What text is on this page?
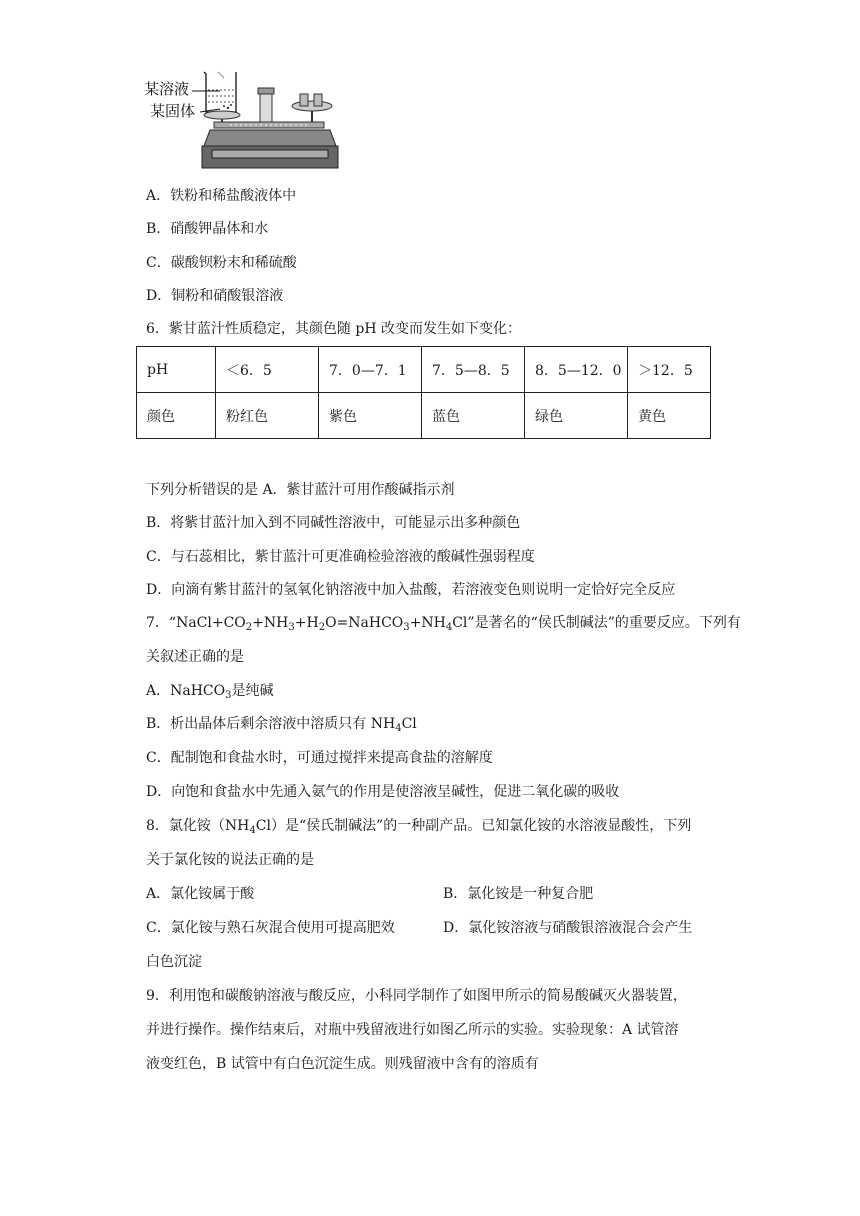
某溶液
某固体
A．铁粉和稀盐酸液体中
B．硝酸钾晶体和水
C．碳酸钡粉末和稀硫酸
D．铜粉和硝酸银溶液
6．紫甘蓝汁性质稳定，其颜色随 pH 改变而发生如下变化：
pH	＜6．5	7．0—7．1	7．5—8．5	8．5—12．0	＞12．5
颜色	粉红色	紫色	蓝色	绿色	黄色
下列分析错误的是 A．紫甘蓝汁可用作酸碱指示剂
B．将紫甘蓝汁加入到不同碱性溶液中，可能显示出多种颜色
C．与石蕊相比，紫甘蓝汁可更准确检验溶液的酸碱性强弱程度
D．向滴有紫甘蓝汁的氢氧化钠溶液中加入盐酸，若溶液变色则说明一定恰好完全反应
7．“$NaCl+CO_2+NH_3+H_2O=NaHCO_3+NH_4Cl$”是著名的“侯氏制碱法”的重要反应。下列有
关叙述正确的是
A．NaHCO$_3$是纯碱
B．析出晶体后剩余溶液中溶质只有 $NH_4Cl$
C．配制饱和食盐水时，可通过搅拌来提高食盐的溶解度
D．向饱和食盐水中先通入氨气的作用是使溶液呈碱性，促进二氧化碳的吸收
8．氯化铵$(NH_4Cl)$是“侯氏制碱法”的一种副产品。已知氯化铵的水溶液显酸性，下列
关于氯化铵的说法正确的是
A．氯化铵属于酸	B．氯化铵是一种复合肥
C．氯化铵与熟石灰混合使用可提高肥效	D．氯化铵溶液与硝酸银溶液混合会产生
白色沉淀
9．利用饱和碳酸钠溶液与酸反应，小科同学制作了如图甲所示的简易酸碱灭火器装置，
并进行操作。操作结束后，对瓶中残留液进行如图乙所示的实验。实验现象：A 试管溶
液变红色，B 试管中有白色沉淀生成。则残留液中含有的溶质有
